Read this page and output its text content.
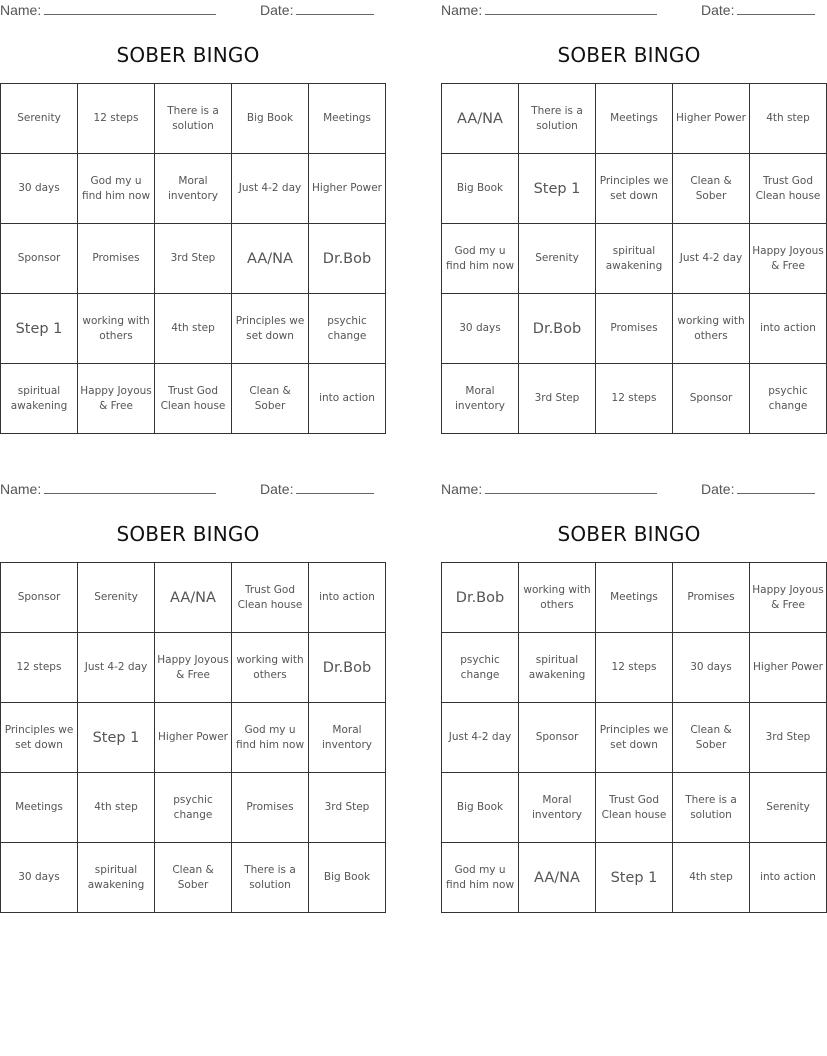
Name:	Date:
SOBER BINGO
Serenity	12 steps	There is a solution	Big Book	Meetings
30 days	God my u find him now	Moral inventory	Just 4-2 day	Higher Power
Sponsor	Promises	3rd Step	AA/NA	Dr.Bob
Step 1	working with others	4th step	Principles we set down	psychic change
spiritual awakening	Happy Joyous & Free	Trust God Clean house	Clean & Sober	into action
Name:	Date:
SOBER BINGO
AA/NA	There is a solution	Meetings	Higher Power	4th step
Big Book	Step 1	Principles we set down	Clean & Sober	Trust God Clean house
God my u find him now	Serenity	spiritual awakening	Just 4-2 day	Happy Joyous & Free
30 days	Dr.Bob	Promises	working with others	into action
Moral inventory	3rd Step	12 steps	Sponsor	psychic change
Name:	Date:
SOBER BINGO
Sponsor	Serenity	AA/NA	Trust God Clean house	into action
12 steps	Just 4-2 day	Happy Joyous & Free	working with others	Dr.Bob
Principles we set down	Step 1	Higher Power	God my u find him now	Moral inventory
Meetings	4th step	psychic change	Promises	3rd Step
30 days	spiritual awakening	Clean & Sober	There is a solution	Big Book
Name:	Date:
SOBER BINGO
Dr.Bob	working with others	Meetings	Promises	Happy Joyous & Free
psychic change	spiritual awakening	12 steps	30 days	Higher Power
Just 4-2 day	Sponsor	Principles we set down	Clean & Sober	3rd Step
Big Book	Moral inventory	Trust God Clean house	There is a solution	Serenity
God my u find him now	AA/NA	Step 1	4th step	into action
